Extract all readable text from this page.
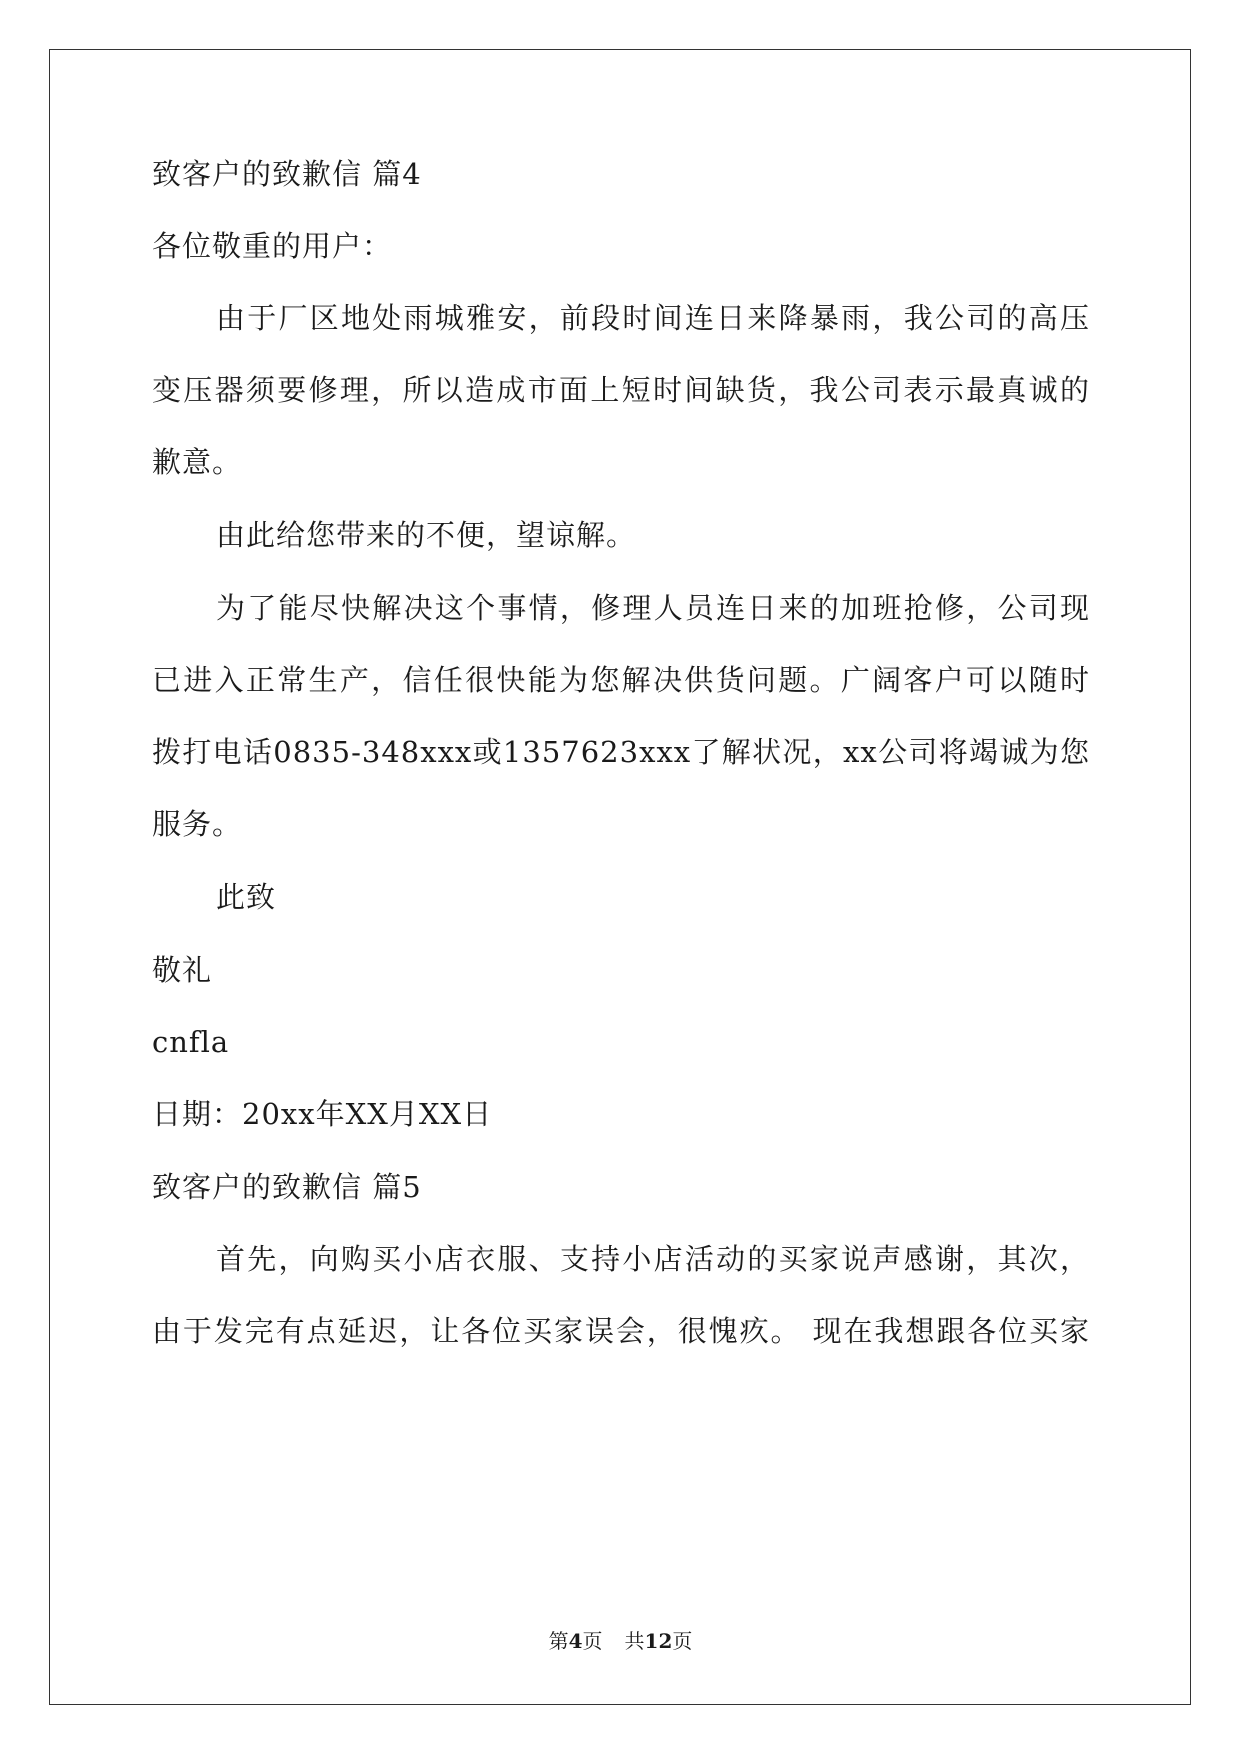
致客户的致歉信 篇4
各位敬重的用户：
由于厂区地处雨城雅安，前段时间连日来降暴雨，我公司的高压
变压器须要修理，所以造成市面上短时间缺货，我公司表示最真诚的
歉意。
由此给您带来的不便，望谅解。
为了能尽快解决这个事情，修理人员连日来的加班抢修，公司现
已进入正常生产，信任很快能为您解决供货问题。广阔客户可以随时
拨打电话0835-348xxx或1357623xxx了解状况，xx公司将竭诚为您
服务。
此致
敬礼
cnfla
日期：20xx年XX月XX日
致客户的致歉信 篇5
首先，向购买小店衣服、支持小店活动的买家说声感谢，其次，
由于发完有点延迟，让各位买家误会，很愧疚。 现在我想跟各位买家
第4页 共12页
